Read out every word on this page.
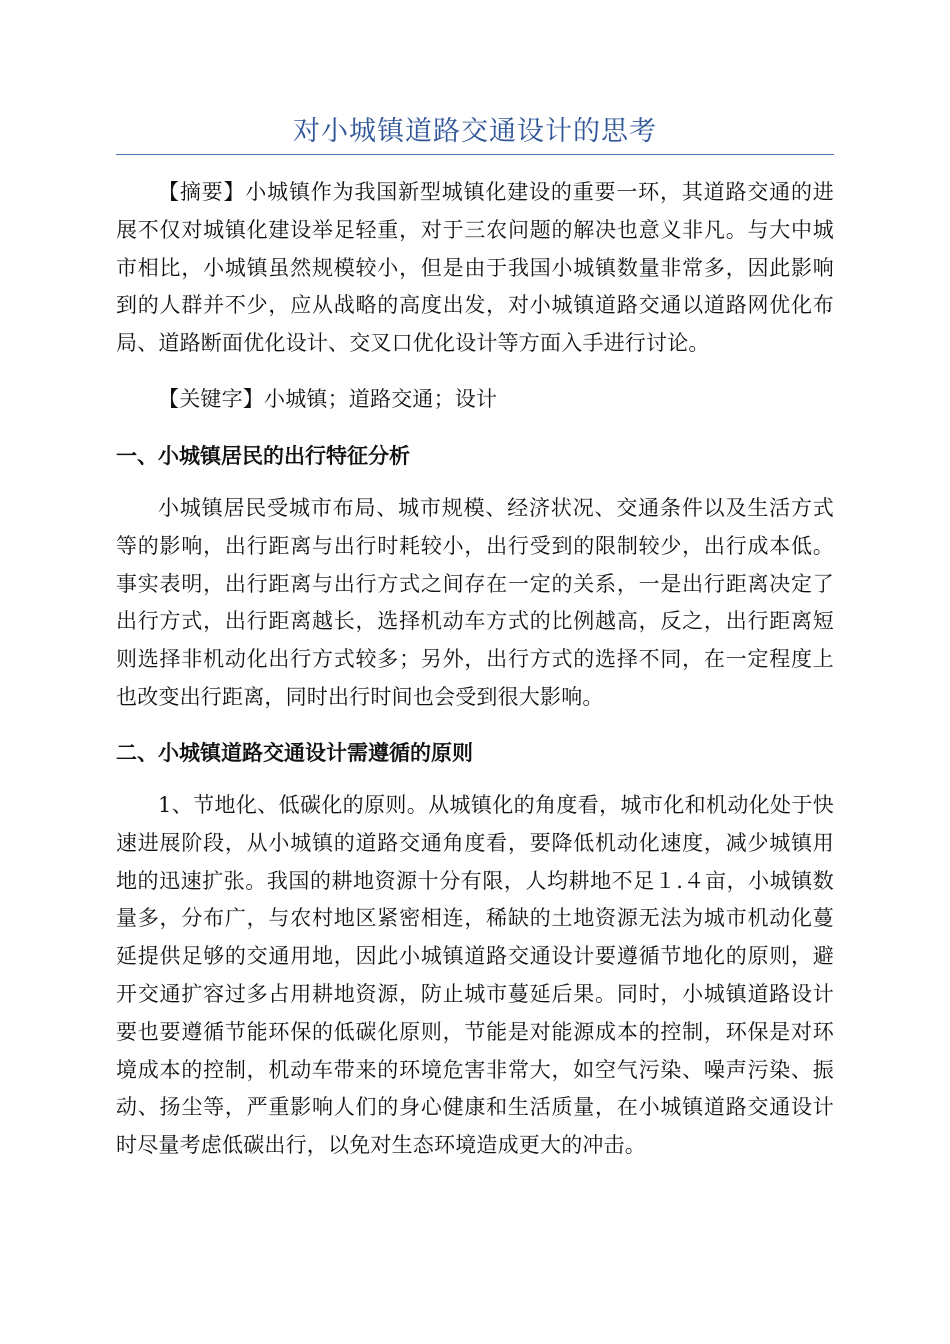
对小城镇道路交通设计的思考

【摘要】小城镇作为我国新型城镇化建设的重要一环，其道路交通的进展不仅对城镇化建设举足轻重，对于三农问题的解决也意义非凡。与大中城市相比，小城镇虽然规模较小，但是由于我国小城镇数量非常多，因此影响到的人群并不少，应从战略的高度出发，对小城镇道路交通以道路网优化布局、道路断面优化设计、交叉口优化设计等方面入手进行讨论。

【关键字】小城镇；道路交通；设计

一、小城镇居民的出行特征分析

小城镇居民受城市布局、城市规模、经济状况、交通条件以及生活方式等的影响，出行距离与出行时耗较小，出行受到的限制较少，出行成本低。事实表明，出行距离与出行方式之间存在一定的关系，一是出行距离决定了出行方式，出行距离越长，选择机动车方式的比例越高，反之，出行距离短则选择非机动化出行方式较多；另外，出行方式的选择不同，在一定程度上也改变出行距离，同时出行时间也会受到很大影响。

二、小城镇道路交通设计需遵循的原则

1、节地化、低碳化的原则。从城镇化的角度看，城市化和机动化处于快速进展阶段，从小城镇的道路交通角度看，要降低机动化速度，减少城镇用地的迅速扩张。我国的耕地资源十分有限，人均耕地不足１.４亩，小城镇数量多，分布广，与农村地区紧密相连，稀缺的土地资源无法为城市机动化蔓延提供足够的交通用地，因此小城镇道路交通设计要遵循节地化的原则，避开交通扩容过多占用耕地资源，防止城市蔓延后果。同时，小城镇道路设计要也要遵循节能环保的低碳化原则，节能是对能源成本的控制，环保是对环境成本的控制，机动车带来的环境危害非常大，如空气污染、噪声污染、振动、扬尘等，严重影响人们的身心健康和生活质量，在小城镇道路交通设计时尽量考虑低碳出行，以免对生态环境造成更大的冲击。
